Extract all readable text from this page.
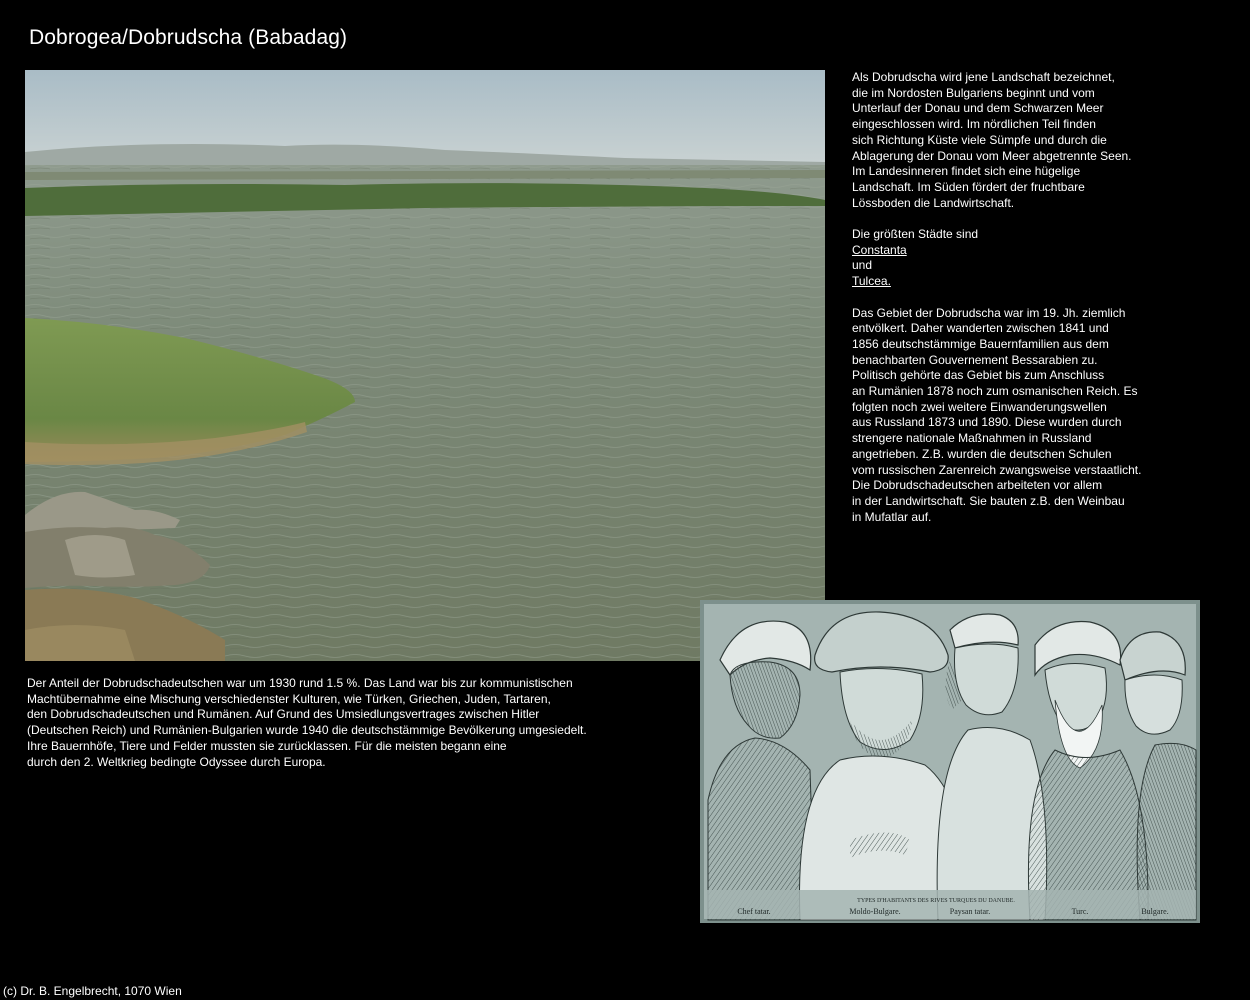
Dobrogea/Dobrudscha (Babadag)

Als Dobrudscha wird jene Landschaft bezeichnet,

die im Nordosten Bulgariens beginnt und vom

Unterlauf der Donau und dem Schwarzen Meer

eingeschlossen wird. Im nördlichen Teil finden

sich Richtung Küste viele Sümpfe und durch die

Ablagerung der Donau vom Meer abgetrennte Seen.

Im Landesinneren findet sich eine hügelige

Landschaft. Im Süden fördert der fruchtbare

Lössboden die Landwirtschaft.

Die größten Städte sind

Constanta

und

Tulcea.

Das Gebiet der Dobrudscha war im 19. Jh. ziemlich

entvölkert. Daher wanderten zwischen 1841 und

1856 deutschstämmige Bauernfamilien aus dem

benachbarten Gouvernement Bessarabien zu.

Politisch gehörte das Gebiet bis zum Anschluss

an Rumänien 1878 noch zum osmanischen Reich. Es

folgten noch zwei weitere Einwanderungswellen

aus Russland 1873 und 1890. Diese wurden durch

strengere nationale Maßnahmen in Russland

angetrieben. Z.B. wurden die deutschen Schulen

vom russischen Zarenreich zwangsweise verstaatlicht.

Die Dobrudschadeutschen arbeiteten vor allem

in der Landwirtschaft. Sie bauten z.B. den Weinbau

in Mufatlar auf.

Der Anteil der Dobrudschadeutschen war um 1930 rund 1.5 %. Das Land war bis zur kommunistischen

Machtübernahme eine Mischung verschiedenster Kulturen, wie Türken, Griechen, Juden, Tartaren,

den Dobrudschadeutschen und Rumänen. Auf Grund des Umsiedlungsvertrages zwischen Hitler

(Deutschen Reich) und Rumänien-Bulgarien wurde 1940 die deutschstämmige Bevölkerung umgesiedelt.

Ihre Bauernhöfe, Tiere und Felder mussten sie zurücklassen. Für die meisten begann eine

durch den 2. Weltkrieg bedingte Odyssee durch Europa.

TYPES D'HABITANTS DES RIVES TURQUES DU DANUBE.
Chef tatar.	Moldo-Bulgare.	Paysan tatar.	Turc.	Bulgare.

(c) Dr. B. Engelbrecht, 1070 Wien
